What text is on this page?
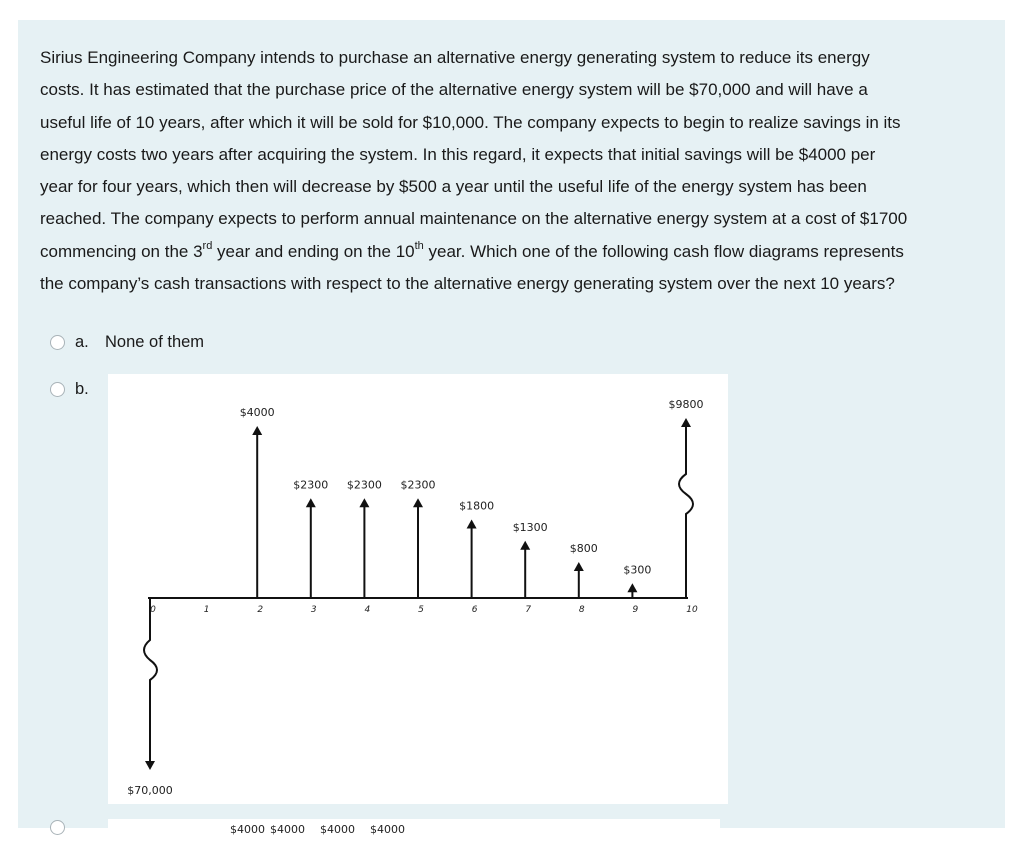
Sirius Engineering Company intends to purchase an alternative energy generating system to reduce its energy
costs. It has estimated that the purchase price of the alternative energy system will be $70,000 and will have a
useful life of 10 years, after which it will be sold for $10,000. The company expects to begin to realize savings in its
energy costs two years after acquiring the system. In this regard, it expects that initial savings will be $4000 per
year for four years, which then will decrease by $500 a year until the useful life of the energy system has been
reached. The company expects to perform annual maintenance on the alternative energy system at a cost of $1700
commencing on the 3rd year and ending on the 10th year. Which one of the following cash flow diagrams represents
the company’s cash transactions with respect to the alternative energy generating system over the next 10 years?
a. None of them
b.
0	1	2	3	4	5	6	7	8	9	10
$4000
$2300 $2300 $2300
$1800
$1300
$800
$300
$9800
$70,000
$4000 $4000 $4000 $4000
